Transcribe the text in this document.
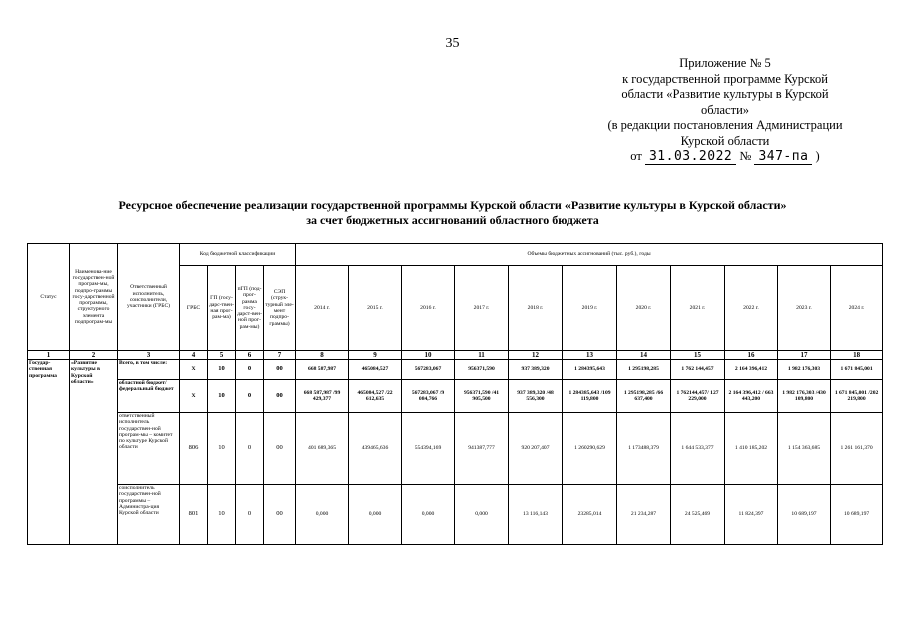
35
Приложение № 5
к государственной программе Курской
области «Развитие культуры в Курской
области»
(в редакции постановления Администрации
Курской области
от 31.03.2022 № 347-па )
Ресурсное обеспечение реализации государственной программы Курской области «Развитие культуры в Курской области»
за счет бюджетных ассигнований областного бюджета
Статус	Наименова-ние государствен-ной програм-мы, подпро-граммы госу-дарственной программы, структурного элемента подпрограм-мы	Ответственный исполнитель, соисполнители, участники (ГРБС)	Код бюджетной классификации				Объемы бюджетных ассигнований (тыс. руб.), годы										
			ГРБС	ГП (госу-дарс-твен-ная прог-рам-ма)	пГП (под-прог-рамма госу-дарст-вен-ной прог-рам-мы)	СЭП (струк-турный эле-мент подпро-граммы)	2014 г.	2015 г.	2016 г.	2017 г.	2018 г.	2019 г.	2020 г.	2021 г.	2022 г.	2023 г.	2024 г.
1	2	3	4	5	6	7	8	9	10	11	12	13	14	15	16	17	18
Государ-ственная программа	«Развитие культуры в Курской области»	Всего, в том числе:	Х	10	0	00	668 587,987	465084,527	567283,067	956371,590	937 389,320	1 284395,643	1 295198,285	1 762 144,457	2 164 396,412	1 982 176,303	1 671 845,001
		областной бюджет/ федеральный бюджет	Х	10	0	00	668 587,987 /99 429,377	465084,527 /22 612,635	567283,067 /9 084,766	956371,590 /41 905,500	937 389,320 /48 556,300	1 284385,643 /109 119,800	1 295198,285 /66 637,400	1 762144,457/ 127 229,000	2 164 396,412 / 663 443,200	1 982 176,303 /430 109,800	1 671 845,001 /202 219,800
		ответственный исполнитель государствен-ной програм-мы – комитет по культуре Курской области	806	10	0	00	401 689,365	439465,636	554394,169	941387,777	920 207,407	1 260290,629	1 173488,379	1 644 533,377	1 410 185,202	1 154 363,685	1 261 161,370
		соисполнитель государствен-ной программы – Администра-ция Курской области	801	10	0	00	0,000	0,000	0,000	0,000	13 116,143	23285,014	21 234,287	24 525,469	11 824,397	10 689,197	10 689,197
